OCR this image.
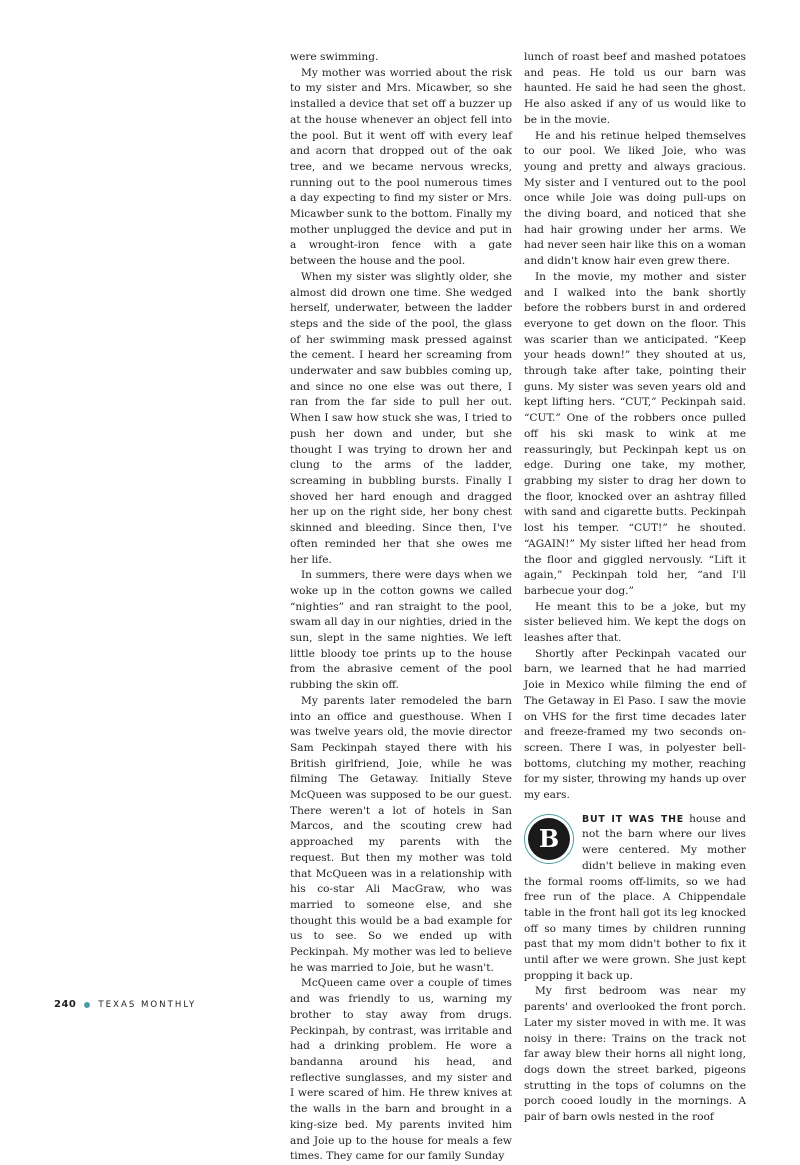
were swimming.

My mother was worried about the risk to my sister and Mrs. Micawber, so she installed a device that set off a buzzer up at the house whenever an object fell into the pool. But it went off with every leaf and acorn that dropped out of the oak tree, and we became nervous wrecks, running out to the pool numerous times a day expecting to find my sister or Mrs. Micawber sunk to the bottom. Finally my mother unplugged the device and put in a wrought-iron fence with a gate between the house and the pool.

When my sister was slightly older, she almost did drown one time. She wedged herself, underwater, between the ladder steps and the side of the pool, the glass of her swimming mask pressed against the cement. I heard her screaming from underwater and saw bubbles coming up, and since no one else was out there, I ran from the far side to pull her out. When I saw how stuck she was, I tried to push her down and under, but she thought I was trying to drown her and clung to the arms of the ladder, screaming in bubbling bursts. Finally I shoved her hard enough and dragged her up on the right side, her bony chest skinned and bleeding. Since then, I've often reminded her that she owes me her life.

In summers, there were days when we woke up in the cotton gowns we called “nighties” and ran straight to the pool, swam all day in our nighties, dried in the sun, slept in the same nighties. We left little bloody toe prints up to the house from the abrasive cement of the pool rubbing the skin off.

My parents later remodeled the barn into an office and guesthouse. When I was twelve years old, the movie director Sam Peckinpah stayed there with his British girlfriend, Joie, while he was filming The Getaway. Initially Steve McQueen was supposed to be our guest. There weren't a lot of hotels in San Marcos, and the scouting crew had approached my parents with the request. But then my mother was told that McQueen was in a relationship with his co-star Ali MacGraw, who was married to someone else, and she thought this would be a bad example for us to see. So we ended up with Peckinpah. My mother was led to believe he was married to Joie, but he wasn't.

McQueen came over a couple of times and was friendly to us, warning my brother to stay away from drugs. Peckinpah, by contrast, was irritable and had a drinking problem. He wore a bandanna around his head, and reflective sunglasses, and my sister and I were scared of him. He threw knives at the walls in the barn and brought in a king-size bed. My parents invited him and Joie up to the house for meals a few times. They came for our family Sunday

lunch of roast beef and mashed potatoes and peas. He told us our barn was haunted. He said he had seen the ghost. He also asked if any of us would like to be in the movie.

He and his retinue helped themselves to our pool. We liked Joie, who was young and pretty and always gracious. My sister and I ventured out to the pool once while Joie was doing pull-ups on the diving board, and noticed that she had hair growing under her arms. We had never seen hair like this on a woman and didn't know hair even grew there.

In the movie, my mother and sister and I walked into the bank shortly before the robbers burst in and ordered everyone to get down on the floor. This was scarier than we anticipated. “Keep your heads down!” they shouted at us, through take after take, pointing their guns. My sister was seven years old and kept lifting hers. “CUT,” Peckinpah said. “CUT.” One of the robbers once pulled off his ski mask to wink at me reassuringly, but Peckinpah kept us on edge. During one take, my mother, grabbing my sister to drag her down to the floor, knocked over an ashtray filled with sand and cigarette butts. Peckinpah lost his temper. “CUT!” he shouted. “AGAIN!” My sister lifted her head from the floor and giggled nervously. “Lift it again,” Peckinpah told her, “and I'll barbecue your dog.”

He meant this to be a joke, but my sister believed him. We kept the dogs on leashes after that.

Shortly after Peckinpah vacated our barn, we learned that he had married Joie in Mexico while filming the end of The Getaway in El Paso. I saw the movie on VHS for the first time decades later and freeze-framed my two seconds on-screen. There I was, in polyester bell-bottoms, clutching my mother, reaching for my sister, throwing my hands up over my ears.

B

BUT IT WAS THE house and not the barn where our lives were centered. My mother didn't believe in making even the formal rooms off-limits, so we had free run of the place. A Chippendale table in the front hall got its leg knocked off so many times by children running past that my mom didn't bother to fix it until after we were grown. She just kept propping it back up.

My first bedroom was near my parents' and overlooked the front porch. Later my sister moved in with me. It was noisy in there: Trains on the track not far away blew their horns all night long, dogs down the street barked, pigeons strutting in the tops of columns on the porch cooed loudly in the mornings. A pair of barn owls nested in the roof

240	TEXAS MONTHLY
